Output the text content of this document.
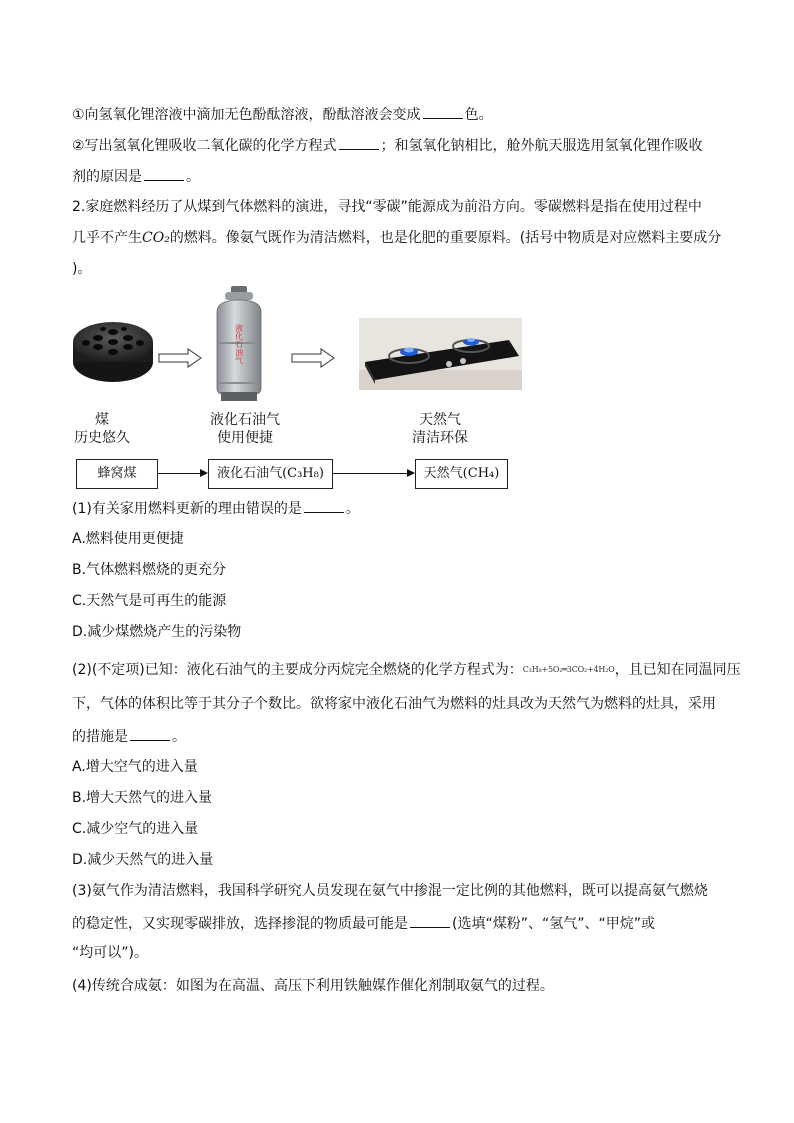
①向氢氧化锂溶液中滴加无色酚酞溶液，酚酞溶液会变成	色。
②写出氢氧化锂吸收二氧化碳的化学方程式	；和氢氧化钠相比，舱外航天服选用氢氧化锂作吸收
剂的原因是	。
2.家庭燃料经历了从煤到气体燃料的演进，寻找“零碳”能源成为前沿方向。零碳燃料是指在使用过程中
几乎不产生CO₂的燃料。像氨气既作为清洁燃料，也是化肥的重要原料。(括号中物质是对应燃料主要成分
)。
液化石油气
煤
历史悠久
液化石油气
使用便捷
天然气
清洁环保
蜂窝煤	液化石油气(C₃H₈)	天然气(CH₄)
(1)有关家用燃料更新的理由错误的是	。
A.燃料使用更便捷
B.气体燃料燃烧的更充分
C.天然气是可再生的能源
D.减少煤燃烧产生的污染物
(2)(不定项)已知：液化石油气的主要成分丙烷完全燃烧的化学方程式为：C₃H₈+5O₂═3CO₂+4H₂O，且已知在同温同压
下，气体的体积比等于其分子个数比。欲将家中液化石油气为燃料的灶具改为天然气为燃料的灶具，采用
的措施是	。
A.增大空气的进入量
B.增大天然气的进入量
C.减少空气的进入量
D.减少天然气的进入量
(3)氨气作为清洁燃料，我国科学研究人员发现在氨气中掺混一定比例的其他燃料，既可以提高氨气燃烧
的稳定性，又实现零碳排放，选择掺混的物质最可能是	(选填“煤粉”、“氢气”、“甲烷”或
“均可以”)。
(4)传统合成氨：如图为在高温、高压下利用铁触媒作催化剂制取氨气的过程。
